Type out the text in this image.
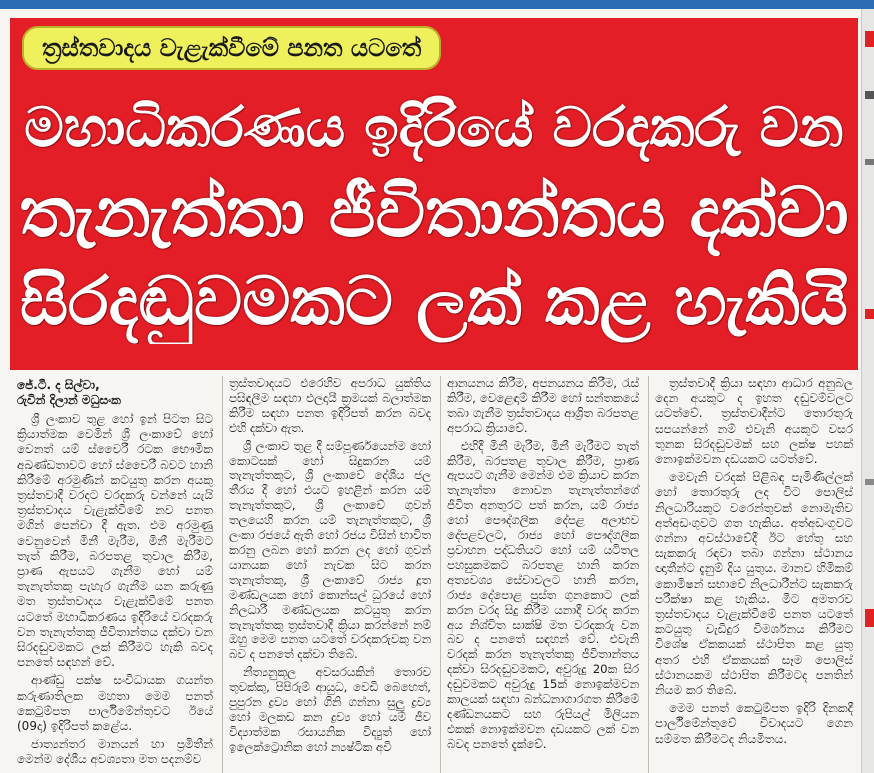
ත්‍රස්තවාදය වැළැක්වීමේ පනත යටතේ
මහාධිකරණය ඉදිරියේ වරදකරු වන
තැනැත්තා ජීවිතාන්තය දක්වා
සිරදඬුවමකට ලක් කළ හැකියි
ජේ.ටී. ද සිල්වා,
රුවින් දිලාන් මධුසංක

ශ්‍රී ලංකාව තුළ හෝ ඉන් පිටත සිට ක්‍රියාත්මක වෙමින් ශ්‍රී ලංකාවේ හෝ වෙනත් යම් ස්වෛරී රටක භෞමික අඛණ්ඩතාවට හෝ ස්වෛරී බවට හානි කිරීමේ අරමුණින් කටයුතු කරන අයකු ත්‍රස්තවාදී වරදට වරදකරු වන්නේ යැයි ත්‍රස්තවාදය වැළැක්වීමේ නව පනත මගින් පෙන්වා දී ඇත. එම අරමුණු වෙනුවෙන් මිනී මැරීම, මිනී මැරීමට තැත් කිරීම, බරපතළ තුවාල කිරීම, ප්‍රාණ ඇපයට ගැනීම හෝ යම් තැනැත්තකු පැහැර ගැනීම යන කරුණු මත ත්‍රස්තවාදය වැළැක්වීමේ පනත යටතේ මහාධිකරණය ඉදිරියේ වරදකරු වන තැනැත්තකු ජීවිතාන්තය දක්වා වන සිරදඬුවමකට ලක් කිරීමට හැකි බවද පනතේ සඳහන් වේ.

ආණ්ඩු පක්ෂ සංවිධායක ගයන්ත කරුණාතිලක මහතා මෙම පනත් කෙටුම්පත පාර්ලිමේන්තුවට ඊයේ (09දා) ඉදිරිපත් කළේය.

ජාත්‍යන්තර මානයන් හා ප්‍රමිතීන් මෙන්ම දේශීය අවශ්‍යතා මත පදනම්ව

ත්‍රස්තවාදයට එරෙහිව අපරාධ යුක්තිය පසිඳලීම සඳහා ඵලදායී ක්‍රමයක් බලාත්මක කිරීම සඳහා පනත ඉදිරිපත් කරන බවද එහි දක්වා ඇත.

ශ්‍රී ලංකාව තුළ දී සම්පූර්ණයෙන්ම හෝ කොටසක් හෝ සිදුකරන යම් තැනැත්තකුට, ශ්‍රී ලංකාවේ දේශීය ජල තීරය දී හෝ එයට ඉහළින් කරන යම් තැනැත්තකුට, ශ්‍රී ලංකාවේ ගුවන් තලයෙහි කරන යම් තැනැත්තකුට, ශ්‍රී ලංකා රජයේ ඇති හෝ රජය විසින් භාවිත කරනු ලබන හෝ කරන ලද හෝ ගුවන් යානයක හෝ නැවක සිට කරන තැනැත්තකු, ශ්‍රී ලංකාවේ රාජ්‍ය දූත මණ්ඩලයක හෝ කොන්සල් ධුරයේ හෝ නිලධාරී මණ්ඩලයක කටයුතු කරන තැනැත්තකු ත්‍රස්තවාදී ක්‍රියා කරන්නේ නම් ඔහු මෙම පනත යටතේ වරදකරුවකු වන බව ද පනතේ දක්වා තිබේ.

නීත්‍යනුකූල අවසරයකින් තොරව තුවක්කු, පිපිරුම් ආයුධ, වෙඩි බෙහෙත්, පුපුරන ද්‍රව්‍ය හෝ ගිනි ගන්නා සුලු ද්‍රව්‍ය හෝ මලකඩ කන ද්‍රව්‍ය හෝ යම් ජීව විද්‍යාත්මක රසායනික විද්‍යුත් හෝ ඉලෙක්ට්‍රොනික හෝ න්‍යෂ්ටික අවි

ආනයනය කිරීම, අපනයනය කිරීම, රැස් කිරීම, වෙළෙඳාම් කිරීම හෝ සන්තකයේ තබා ගැනීම ත්‍රස්තවාදය ආශ්‍රිත බරපතළ අපරාධ ක්‍රියාවේ.

එහිදී මිනී මැරීම, මිනී මැරීමට තැත් කිරීම, බරපතළ තුවාල කිරීම, ප්‍රාණ ඇපයට ගැනීම මෙන්ම එම ක්‍රියාව කරන තැනැත්තා නොවන තැනැත්තන්ගේ ජීවිත අනතුරට පත් කරන, යම් රාජ්‍ය හෝ පෞද්ගලික දේපළ අලාභව දේපළවලට, රාජ්‍ය හෝ පෞද්ගලික ප්‍රවාහන පද්ධතියට හෝ යම් යටිතල පහසුකමකට බරපතළ හානි කරන අත්‍යවශ්‍ය සේවාවලට හානි කරන, රාජ්‍ය දේපොළ පුස්ත ගුනකොට ලක් කරන වරද සිදු කිරීම යනාදී වරද කරන අය නිශ්චිත සාක්ෂි මත වරදකරු වන බව ද පනතේ සඳහන් වේ. එවැනි වරදක් කරන තැනැත්තකු ජීවිතාන්තය දක්වා සිරදඬුවමකට, අවුරුදු 20ක සිර දඬුවමකට අවුරුදු 15ක් නොඉක්මවන කාලයක් සඳහා බන්ධනාගාරගත කිරීමේ දණ්ඩනයකට සහ රුපියල් මිලියන එකක් නොඉක්මවන දඩයකට ලක් වන බවද පනතේ දැක්වේ.

ත්‍රස්තවාදී ක්‍රියා සඳහා ආධාර අනුබල දෙන අයකුට ද ඉහත දඬුවම්වලට යටත්වේ. ත්‍රස්තවාදීන්ට තොරතුරු සපයන්නේ නම් එවැනි අයකුට වසර තුනක සිරදඬුවමක් සහ ලක්ෂ පහක් නොඉක්මවන දඩයකට යටත්වේ.

මෙවැනි වරදක් පිළිබඳ පැමිණිල්ලක් හෝ තොරතුරු ලද විට පොලිස් නිලධාරියකුට වරෙන්තුවක් නොමැතිව අත්අඩංගුවට ගත හැකිය. අත්අඩංගුවට ගන්නා අවස්ථාවේදී ඊට හේතු සහ සැකකරු රඳවා තබා ගන්නා ස්ථානය ඥාතීන්ට දැනුම් දිය යුතුය. මානව හිමිකම් කොමිෂන් සභාවේ නිලධාරීන්ට සැකකරු පරීක්ෂා කළ හැකිය. මීට අමතරව ත්‍රස්තවාදය වැළැක්වීමේ පනත යටතේ කටයුතු වැඩිදුර විමර්ශනය කිරීමට විශේෂ ඒකකයක් ස්ථාපිත කළ යුතු අතර එහි ඒකකයක් සෑම පොලිස් ස්ථානයකම ස්ථාපිත කිරීමටද පනතින් නියම කර තිබේ.

මෙම පනත් කෙටුම්පත ඉදිරි දිනකදී පාර්ලිමේන්තුවේ විවාදයට ගෙන සම්මත කිරීමටද නියමිතය.
